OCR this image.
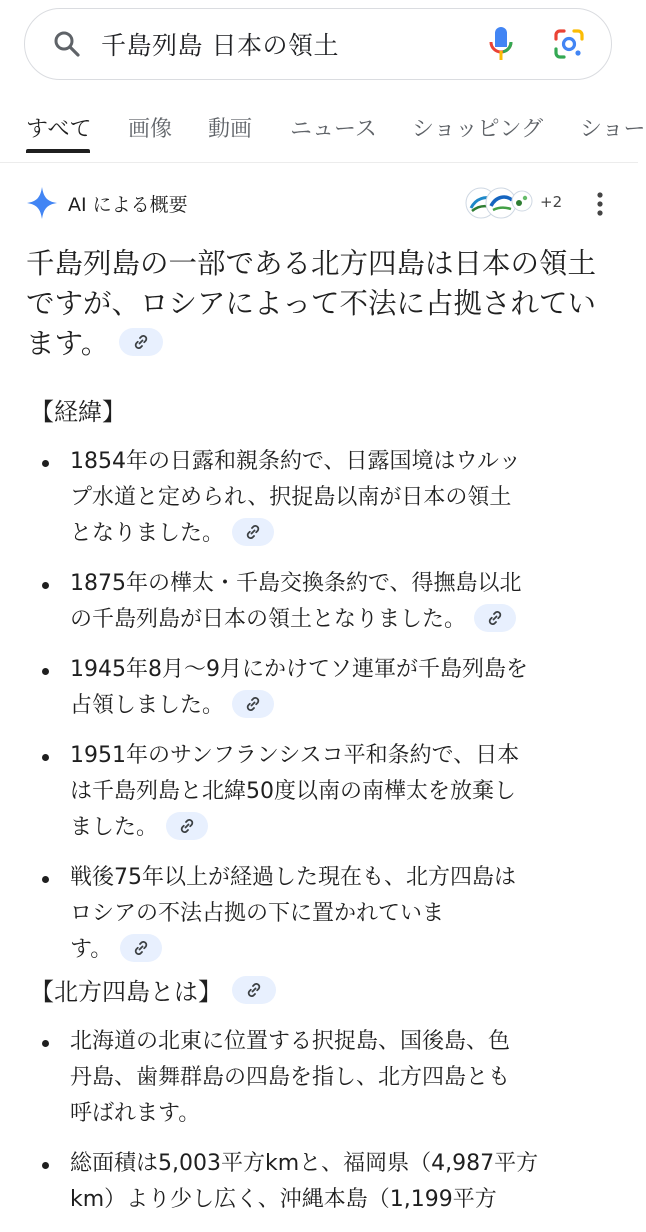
千島列島 日本の領土
すべて 画像 動画 ニュース ショッピング ショー
AI による概要	+2
千島列島の一部である北方四島は日本の領土
ですが、ロシアによって不法に占拠されてい
ます。
【経緯】
1854年の日露和親条約で、日露国境はウルッ
プ水道と定められ、択捉島以南が日本の領土
となりました。
1875年の樺太・千島交換条約で、得撫島以北
の千島列島が日本の領土となりました。
1945年8月～9月にかけてソ連軍が千島列島を
占領しました。
1951年のサンフランシスコ平和条約で、日本
は千島列島と北緯50度以南の南樺太を放棄し
ました。
戦後75年以上が経過した現在も、北方四島は
ロシアの不法占拠の下に置かれていま
す。
【北方四島とは】
北海道の北東に位置する択捉島、国後島、色
丹島、歯舞群島の四島を指し、北方四島とも
呼ばれます。
総面積は5,003平方kmと、福岡県（4,987平方
km）より少し広く、沖縄本島（1,199平方
